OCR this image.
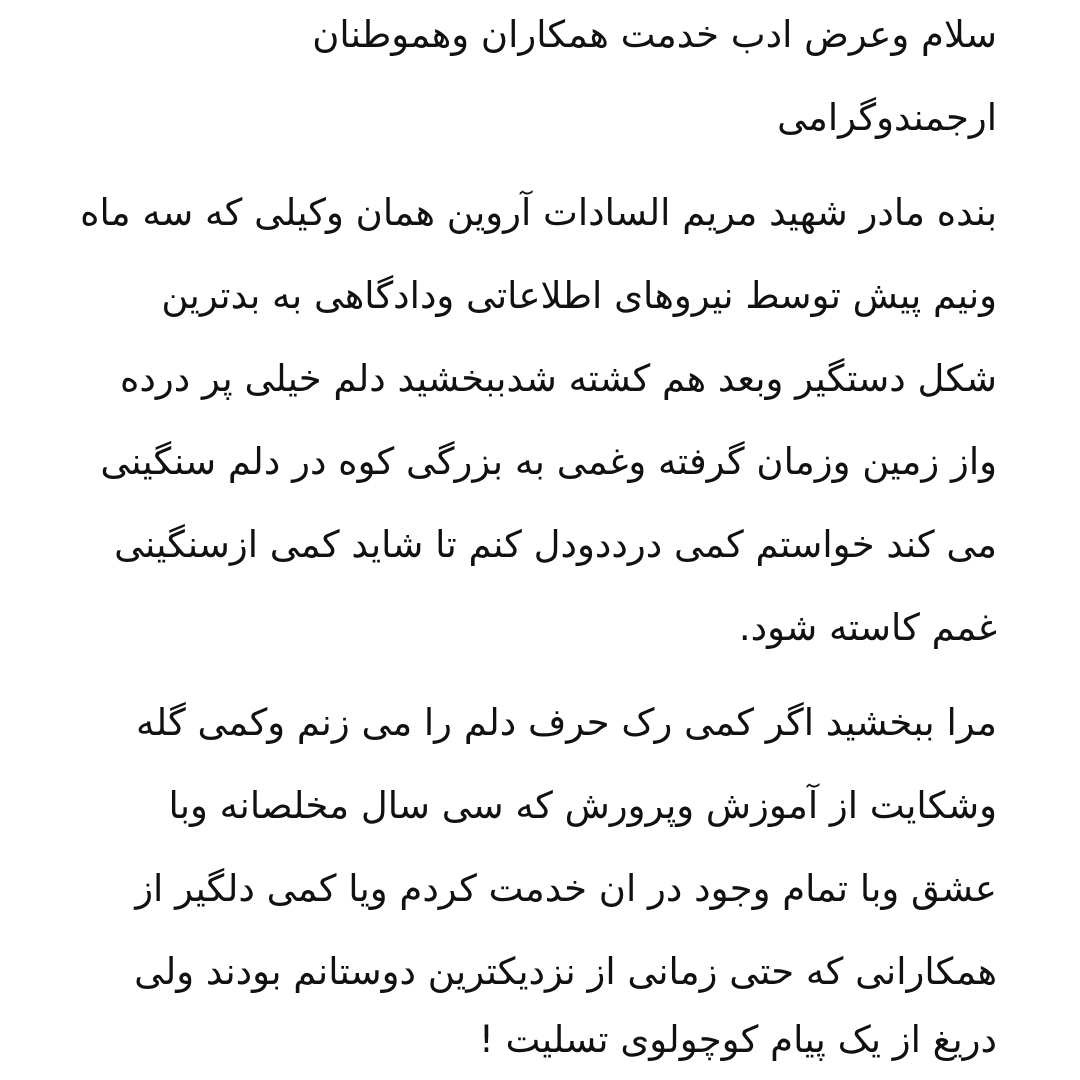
سلام وعرض ادب خدمت همکاران وهموطنان
ارجمندوگرامی
بنده مادر شهید مریم السادات آروین همان وکیلی که سه ماه
ونیم پیش توسط نیروهای اطلاعاتی ودادگاهی به بدترین
شکل دستگیر وبعد هم کشته شدببخشید دلم خیلی پر درده
واز زمین وزمان گرفته وغمی به بزرگی کوه در دلم سنگینی
می کند خواستم کمی درددودل کنم تا شاید کمی ازسنگینی
غمم کاسته شود.
مرا ببخشید اگر کمی رک حرف دلم را می زنم وکمی گله
وشکایت از آموزش وپرورش که سی سال مخلصانه وبا
عشق وبا تمام وجود در ان خدمت کردم ویا کمی دلگیر از
همکارانی که حتی زمانی از نزدیکترین دوستانم بودند ولی
دریغ از یک پیام کوچولوی تسلیت !
